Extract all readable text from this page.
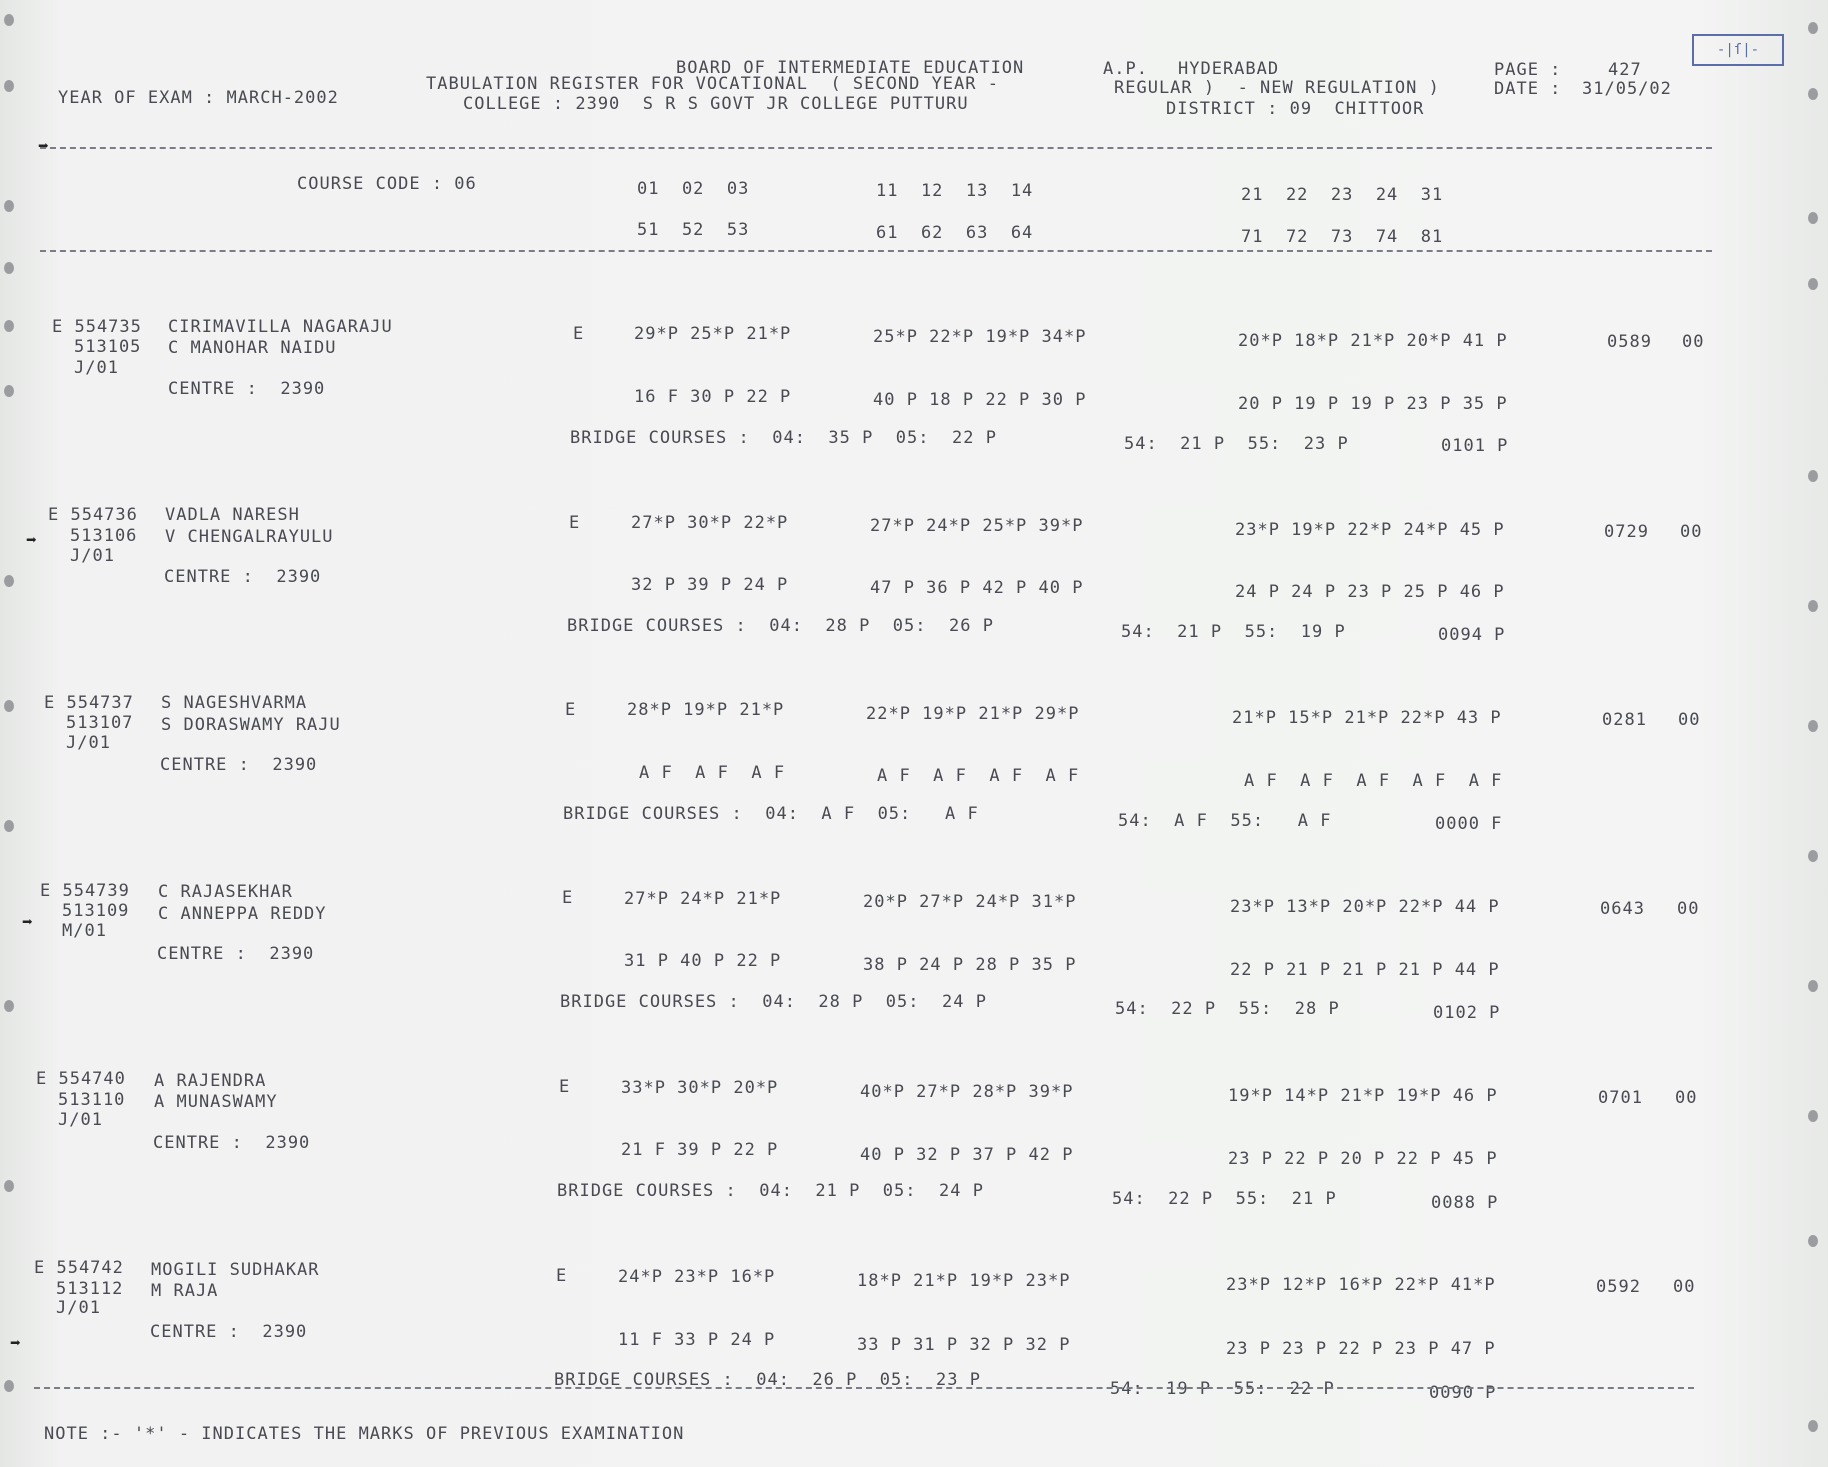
BOARD OF INTERMEDIATE EDUCATION	A.P. HYDERABAD	PAGE :	427
-|ſ|-
TABULATION REGISTER FOR VOCATIONAL  ( SECOND YEAR -	REGULAR )  - NEW REGULATION )	DATE : 31/05/02
YEAR OF EXAM : MARCH-2002	COLLEGE : 2390  S R S GOVT JR COLLEGE PUTTURU	DISTRICT : 09  CHITTOOR
➡
COURSE CODE : 06	01  02  03	11  12  13  14	21  22  23  24  31
51  52  53	61  62  63  64	71  72  73  74  81
E 554735 CIRIMAVILLA NAGARAJU
513105 C MANOHAR NAIDU
J/01
CENTRE :  2390
E	29*P 25*P 21*P	25*P 22*P 19*P 34*P	20*P 18*P 21*P 20*P 41 P	0589 00
16 F 30 P 22 P	40 P 18 P 22 P 30 P	20 P 19 P 19 P 23 P 35 P
BRIDGE COURSES :  04:  35 P  05:  22 P	54:  21 P  55:  23 P	0101 P
➡
E 554736 VADLA NARESH
513106 V CHENGALRAYULU
J/01
CENTRE :  2390
E	27*P 30*P 22*P	27*P 24*P 25*P 39*P	23*P 19*P 22*P 24*P 45 P	0729 00
32 P 39 P 24 P	47 P 36 P 42 P 40 P	24 P 24 P 23 P 25 P 46 P
BRIDGE COURSES :  04:  28 P  05:  26 P	54:  21 P  55:  19 P	0094 P
E 554737 S NAGESHVARMA
513107 S DORASWAMY RAJU
J/01
CENTRE :  2390
E	28*P 19*P 21*P	22*P 19*P 21*P 29*P	21*P 15*P 21*P 22*P 43 P	0281 00
A F  A F  A F	A F  A F  A F  A F	A F  A F  A F  A F  A F
BRIDGE COURSES :  04:  A F  05:   A F	54:  A F  55:   A F	0000 F
➡
E 554739 C RAJASEKHAR
513109 C ANNEPPA REDDY
M/01
CENTRE :  2390
E	27*P 24*P 21*P	20*P 27*P 24*P 31*P	23*P 13*P 20*P 22*P 44 P	0643 00
31 P 40 P 22 P	38 P 24 P 28 P 35 P	22 P 21 P 21 P 21 P 44 P
BRIDGE COURSES :  04:  28 P  05:  24 P	54:  22 P  55:  28 P	0102 P
E 554740 A RAJENDRA
513110 A MUNASWAMY
J/01
CENTRE :  2390
E	33*P 30*P 20*P	40*P 27*P 28*P 39*P	19*P 14*P 21*P 19*P 46 P	0701 00
21 F 39 P 22 P	40 P 32 P 37 P 42 P	23 P 22 P 20 P 22 P 45 P
BRIDGE COURSES :  04:  21 P  05:  24 P	54:  22 P  55:  21 P	0088 P
➡
E 554742 MOGILI SUDHAKAR
513112 M RAJA
J/01
CENTRE :  2390
E	24*P 23*P 16*P	18*P 21*P 19*P 23*P	23*P 12*P 16*P 22*P 41*P	0592 00
11 F 33 P 24 P	33 P 31 P 32 P 32 P	23 P 23 P 22 P 23 P 47 P
BRIDGE COURSES :  04:  26 P  05:  23 P	54:  19 P  55:  22 P	0090 P
NOTE :- '*' - INDICATES THE MARKS OF PREVIOUS EXAMINATION
